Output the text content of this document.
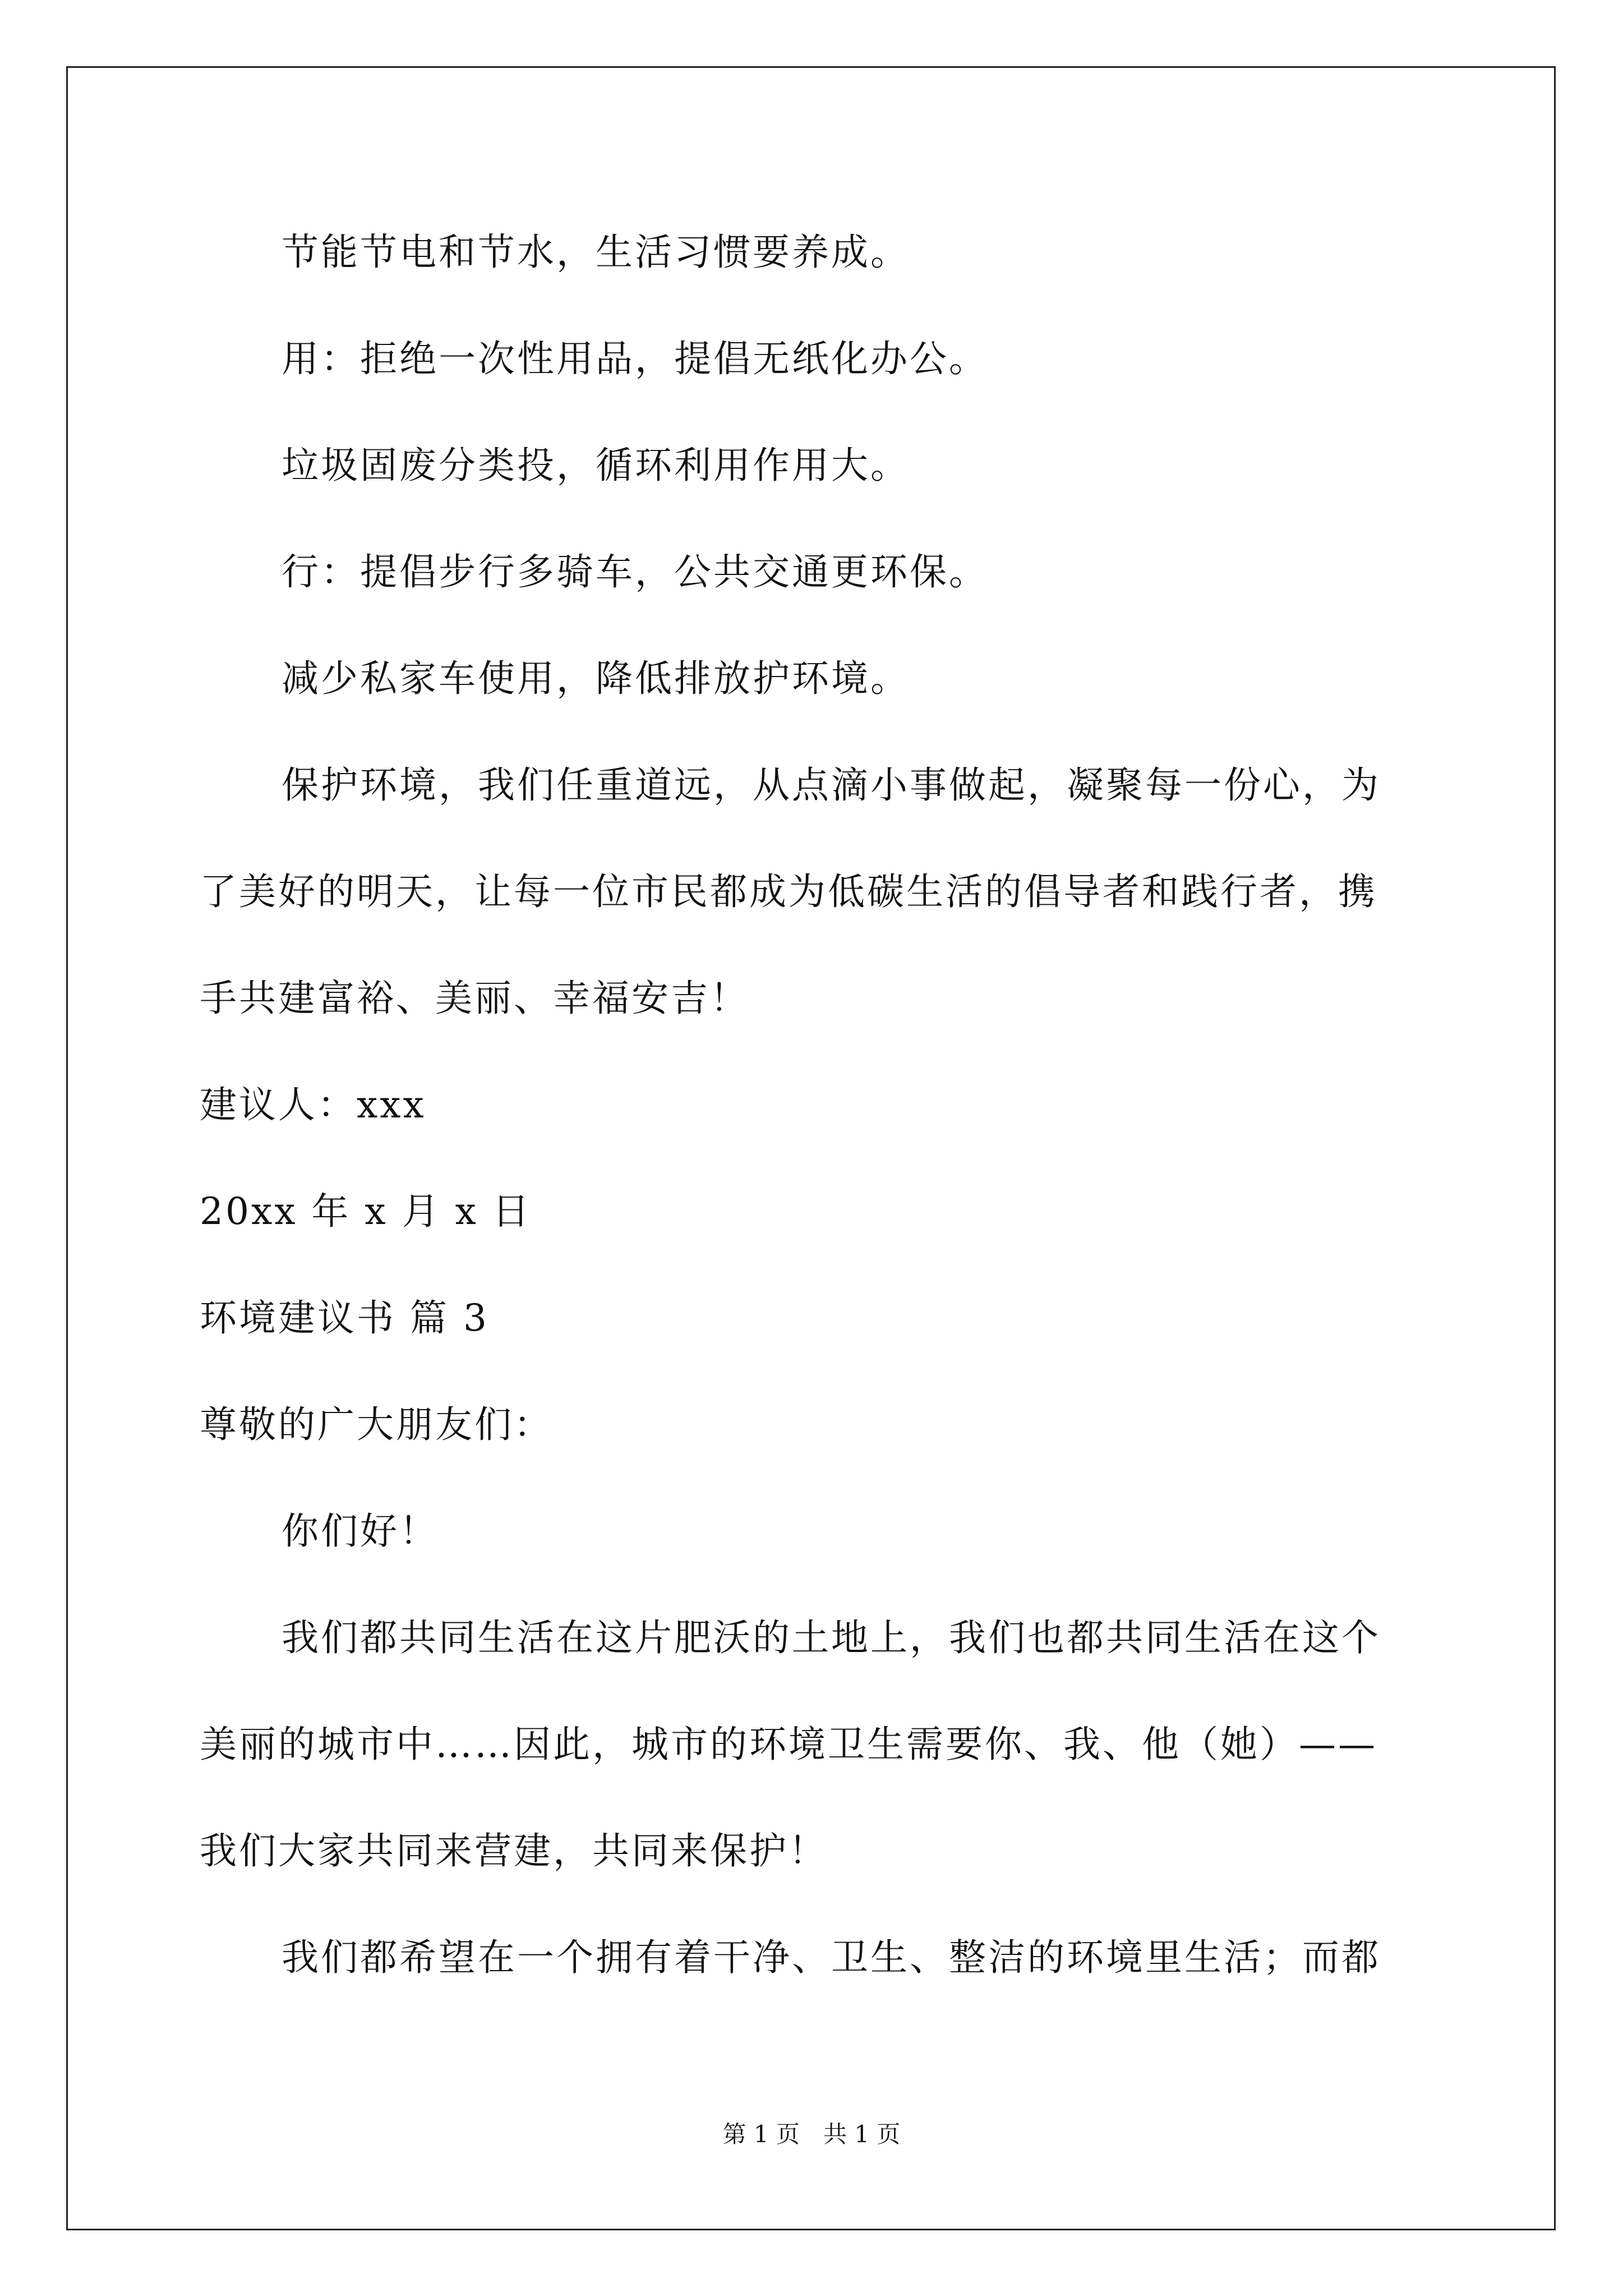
节能节电和节水，生活习惯要养成。
用：拒绝一次性用品，提倡无纸化办公。
垃圾固废分类投，循环利用作用大。
行：提倡步行多骑车，公共交通更环保。
减少私家车使用，降低排放护环境。
保护环境，我们任重道远，从点滴小事做起，凝聚每一份心，为
了美好的明天，让每一位市民都成为低碳生活的倡导者和践行者，携
手共建富裕、美丽、幸福安吉！
建议人：xxx
20xx 年 x 月 x 日
环境建议书 篇 3
尊敬的广大朋友们：
你们好！
我们都共同生活在这片肥沃的土地上，我们也都共同生活在这个
美丽的城市中……因此，城市的环境卫生需要你、我、他（她）——
我们大家共同来营建，共同来保护！
我们都希望在一个拥有着干净、卫生、整洁的环境里生活；而都
第 1 页　共 1 页
